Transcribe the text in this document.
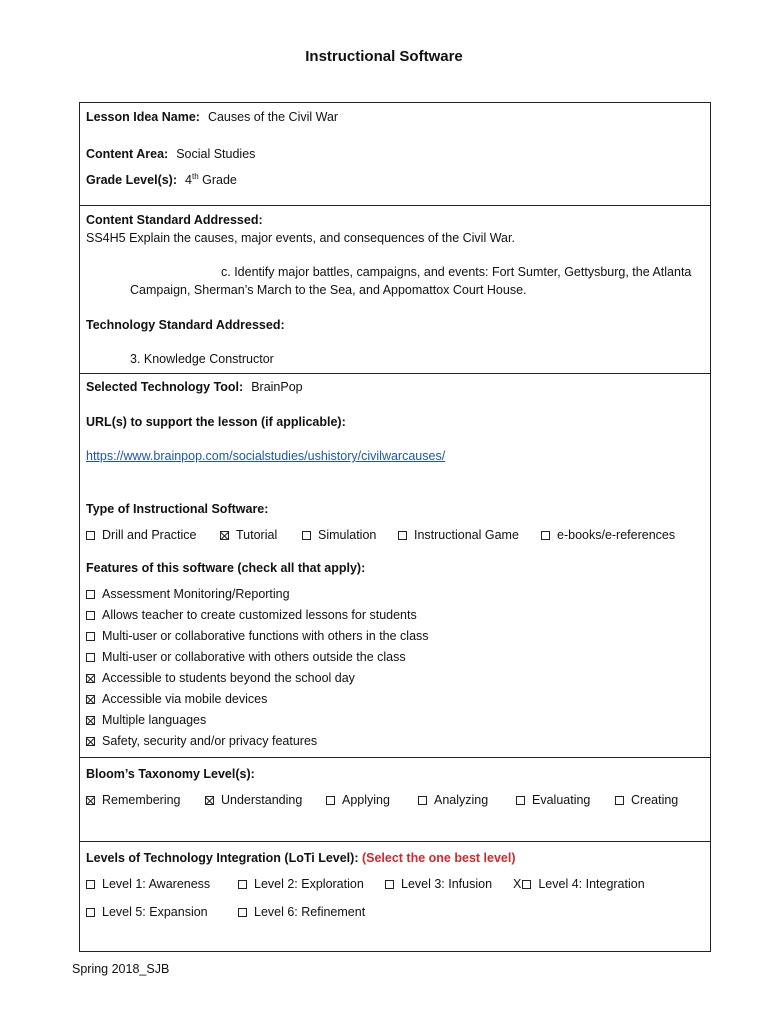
Instructional Software
Lesson Idea Name: Causes of the Civil War
Content Area: Social Studies
Grade Level(s): 4th Grade
Content Standard Addressed:
SS4H5 Explain the causes, major events, and consequences of the Civil War.
c. Identify major battles, campaigns, and events: Fort Sumter, Gettysburg, the Atlanta
Campaign, Sherman’s March to the Sea, and Appomattox Court House.
Technology Standard Addressed:
3. Knowledge Constructor
Selected Technology Tool: BrainPop
URL(s) to support the lesson (if applicable):
https://www.brainpop.com/socialstudies/ushistory/civilwarcauses/
Type of Instructional Software:
Drill and Practice	Tutorial	Simulation	Instructional Game	e-books/e-references
Features of this software (check all that apply):
Assessment Monitoring/Reporting
Allows teacher to create customized lessons for students
Multi-user or collaborative functions with others in the class
Multi-user or collaborative with others outside the class
Accessible to students beyond the school day
Accessible via mobile devices
Multiple languages
Safety, security and/or privacy features
Bloom’s Taxonomy Level(s):
Remembering	Understanding	Applying	Analyzing	Evaluating	Creating
Levels of Technology Integration (LoTi Level): (Select the one best level)
Level 1: Awareness	Level 2: Exploration	Level 3: Infusion X Level 4: Integration
Level 5: Expansion	Level 6: Refinement
Spring 2018_SJB
